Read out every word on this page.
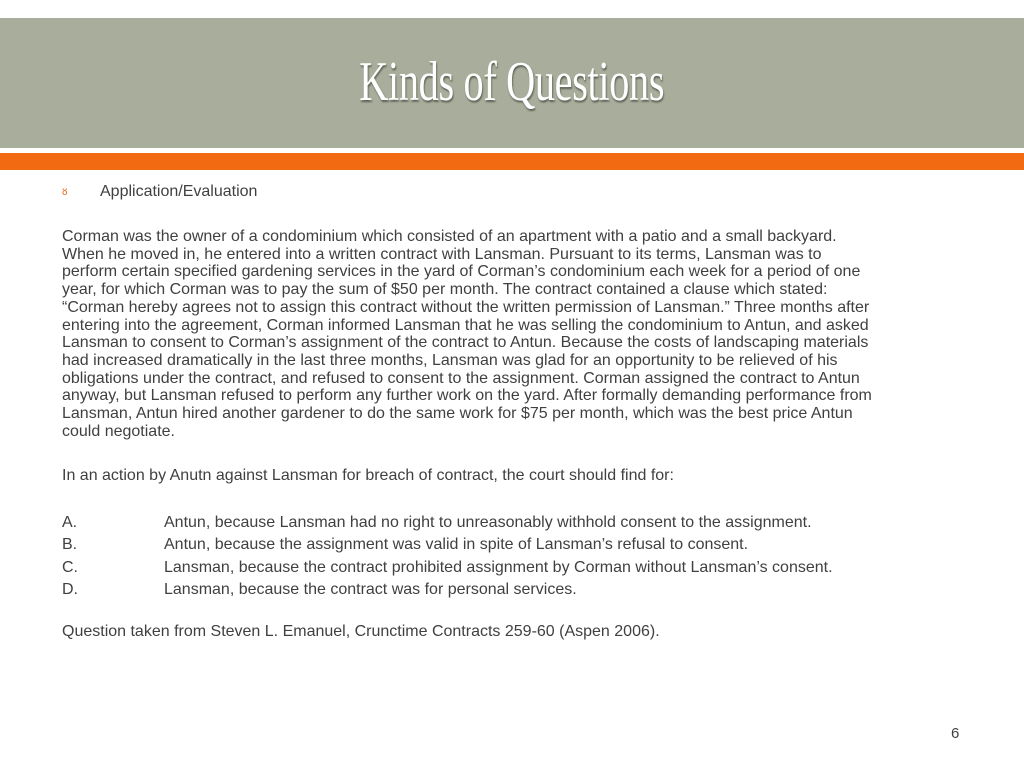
Kinds of Questions
ᴕ Application/Evaluation
Corman was the owner of a condominium which consisted of an apartment with a patio and a small backyard.
When he moved in, he entered into a written contract with Lansman. Pursuant to its terms, Lansman was to
perform certain specified gardening services in the yard of Corman’s condominium each week for a period of one
year, for which Corman was to pay the sum of $50 per month. The contract contained a clause which stated:
“Corman hereby agrees not to assign this contract without the written permission of Lansman.” Three months after
entering into the agreement, Corman informed Lansman that he was selling the condominium to Antun, and asked
Lansman to consent to Corman’s assignment of the contract to Antun. Because the costs of landscaping materials
had increased dramatically in the last three months, Lansman was glad for an opportunity to be relieved of his
obligations under the contract, and refused to consent to the assignment. Corman assigned the contract to Antun
anyway, but Lansman refused to perform any further work on the yard. After formally demanding performance from
Lansman, Antun hired another gardener to do the same work for $75 per month, which was the best price Antun
could negotiate.
In an action by Anutn against Lansman for breach of contract, the court should find for:
A.	Antun, because Lansman had no right to unreasonably withhold consent to the assignment.
B.	Antun, because the assignment was valid in spite of Lansman’s refusal to consent.
C.	Lansman, because the contract prohibited assignment by Corman without Lansman’s consent.
D.	Lansman, because the contract was for personal services.
Question taken from Steven L. Emanuel, Crunctime Contracts 259-60 (Aspen 2006).
6
